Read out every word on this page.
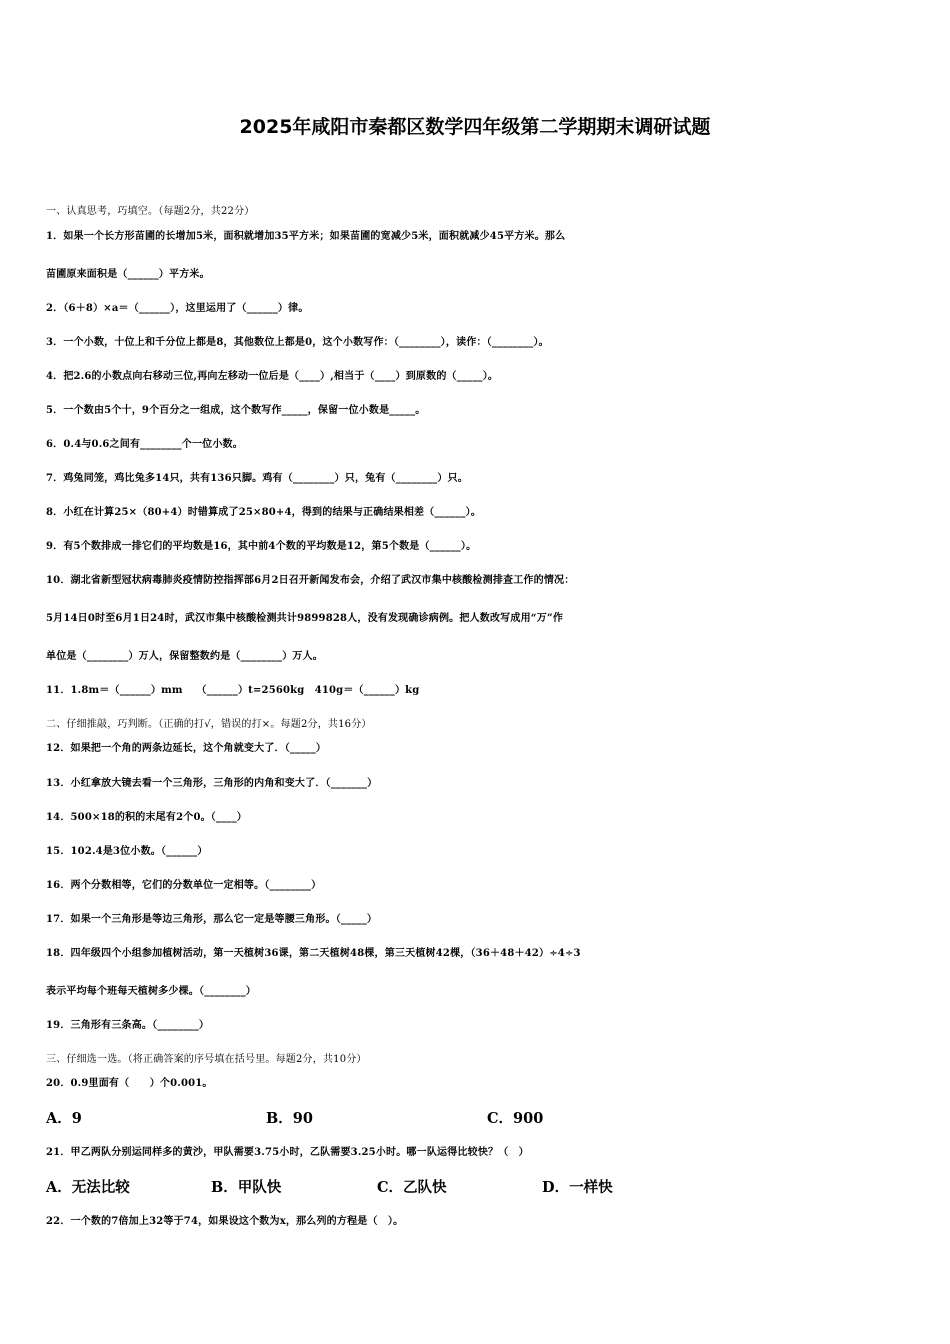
2025年咸阳市秦都区数学四年级第二学期期末调研试题
一、认真思考，巧填空。（每题2分，共22分）
1．如果一个长方形苗圃的长增加5米，面积就增加35平方米；如果苗圃的宽减少5米，面积就减少45平方米。那么
苗圃原来面积是（______）平方米。
2．（6＋8）×a＝（______），这里运用了（______）律。
3．一个小数，十位上和千分位上都是8，其他数位上都是0，这个小数写作：（________），读作：（________）。
4．把2.6的小数点向右移动三位,再向左移动一位后是（____）,相当于（____）到原数的（_____）。
5．一个数由5个十，9个百分之一组成，这个数写作_____，保留一位小数是_____。
6．0.4与0.6之间有________个一位小数。
7．鸡兔同笼，鸡比兔多14只，共有136只脚。鸡有（________）只，兔有（________）只。
8．小红在计算25×（80+4）时错算成了25×80+4，得到的结果与正确结果相差（______）。
9．有5个数排成一排它们的平均数是16，其中前4个数的平均数是12，第5个数是（______）。
10．湖北省新型冠状病毒肺炎疫情防控指挥部6月2日召开新闻发布会，介绍了武汉市集中核酸检测排查工作的情况：
5月14日0时至6月1日24时，武汉市集中核酸检测共计9899828人，没有发现确诊病例。把人数改写成用“万”作
单位是（________）万人，保留整数约是（________）万人。
11．1.8m＝（______）mm　 （______）t=2560kg　410g＝（______）kg
二、仔细推敲，巧判断。（正确的打√，错误的打×。每题2分，共16分）
12．如果把一个角的两条边延长，这个角就变大了．（_____）
13．小红拿放大镜去看一个三角形，三角形的内角和变大了．（_______）
14．500×18的积的末尾有2个0。（____）
15．102.4是3位小数。（______）
16．两个分数相等，它们的分数单位一定相等。（________）
17．如果一个三角形是等边三角形，那么它一定是等腰三角形。（_____）
18．四年级四个小组参加植树活动，第一天植树36课，第二天植树48棵，第三天植树42棵，（36＋48＋42）÷4÷3
表示平均每个班每天植树多少棵。（________）
19．三角形有三条高。（________）
三、仔细选一选。（将正确答案的序号填在括号里。每题2分，共10分）
20．0.9里面有（　　）个0.001。
A．9	B．90	C．900
21．甲乙两队分别运同样多的黄沙，甲队需要3.75小时，乙队需要3.25小时。哪一队运得比较快？（　）
A．无法比较	B．甲队快	C．乙队快	D．一样快
22．一个数的7倍加上32等于74，如果设这个数为x，那么列的方程是（　）。
